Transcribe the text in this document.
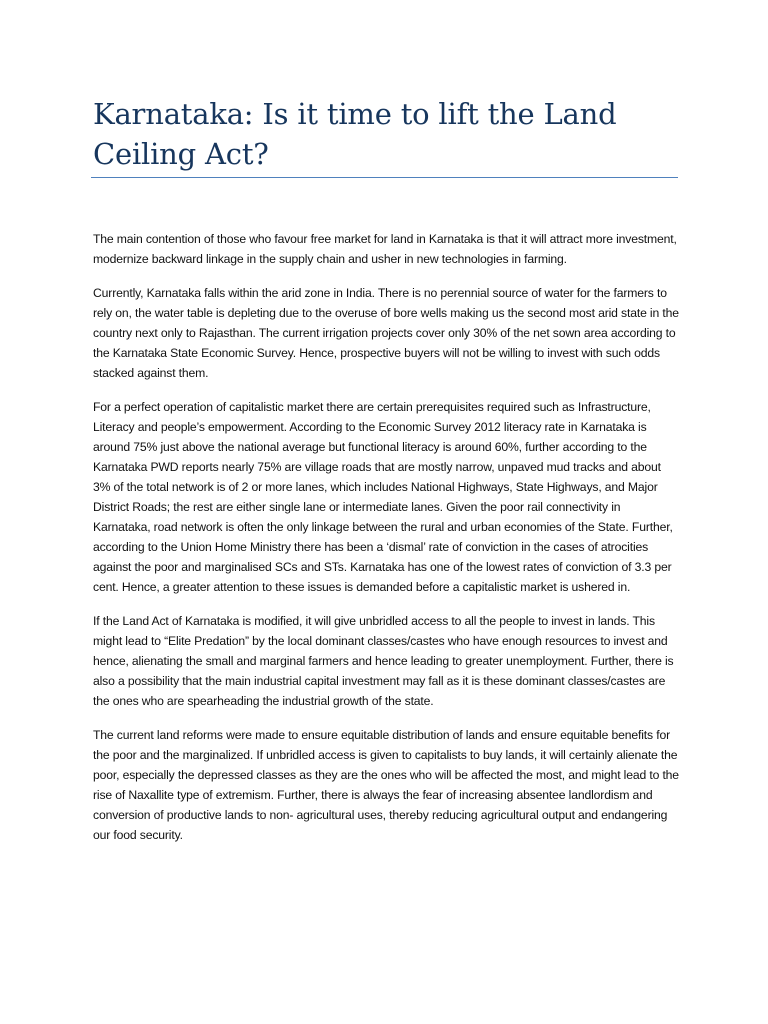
Karnataka: Is it time to lift the Land Ceiling Act?

The main contention of those who favour free market for land in Karnataka is that it will attract more investment, modernize backward linkage in the supply chain and usher in new technologies in farming.

Currently, Karnataka falls within the arid zone in India. There is no perennial source of water for the farmers to rely on, the water table is depleting due to the overuse of bore wells making us the second most arid state in the country next only to Rajasthan. The current irrigation projects cover only 30% of the net sown area according to the Karnataka State Economic Survey. Hence, prospective buyers will not be willing to invest with such odds stacked against them.

For a perfect operation of capitalistic market there are certain prerequisites required such as Infrastructure, Literacy and people’s empowerment. According to the Economic Survey 2012 literacy rate in Karnataka is around 75% just above the national average but functional literacy is around 60%, further according to the Karnataka PWD reports nearly 75% are village roads that are mostly narrow, unpaved mud tracks and about 3% of the total network is of 2 or more lanes, which includes National Highways, State Highways, and Major District Roads; the rest are either single lane or intermediate lanes. Given the poor rail connectivity in Karnataka, road network is often the only linkage between the rural and urban economies of the State. Further, according to the Union Home Ministry there has been a ‘dismal’ rate of conviction in the cases of atrocities against the poor and marginalised SCs and STs. Karnataka has one of the lowest rates of conviction of 3.3 per cent. Hence, a greater attention to these issues is demanded before a capitalistic market is ushered in.

If the Land Act of Karnataka is modified, it will give unbridled access to all the people to invest in lands. This might lead to “Elite Predation” by the local dominant classes/castes who have enough resources to invest and hence, alienating the small and marginal farmers and hence leading to greater unemployment. Further, there is also a possibility that the main industrial capital investment may fall as it is these dominant classes/castes are the ones who are spearheading the industrial growth of the state.

The current land reforms were made to ensure equitable distribution of lands and ensure equitable benefits for the poor and the marginalized. If unbridled access is given to capitalists to buy lands, it will certainly alienate the poor, especially the depressed classes as they are the ones who will be affected the most, and might lead to the rise of Naxallite type of extremism. Further, there is always the fear of increasing absentee landlordism and conversion of productive lands to non- agricultural uses, thereby reducing agricultural output and endangering our food security.
